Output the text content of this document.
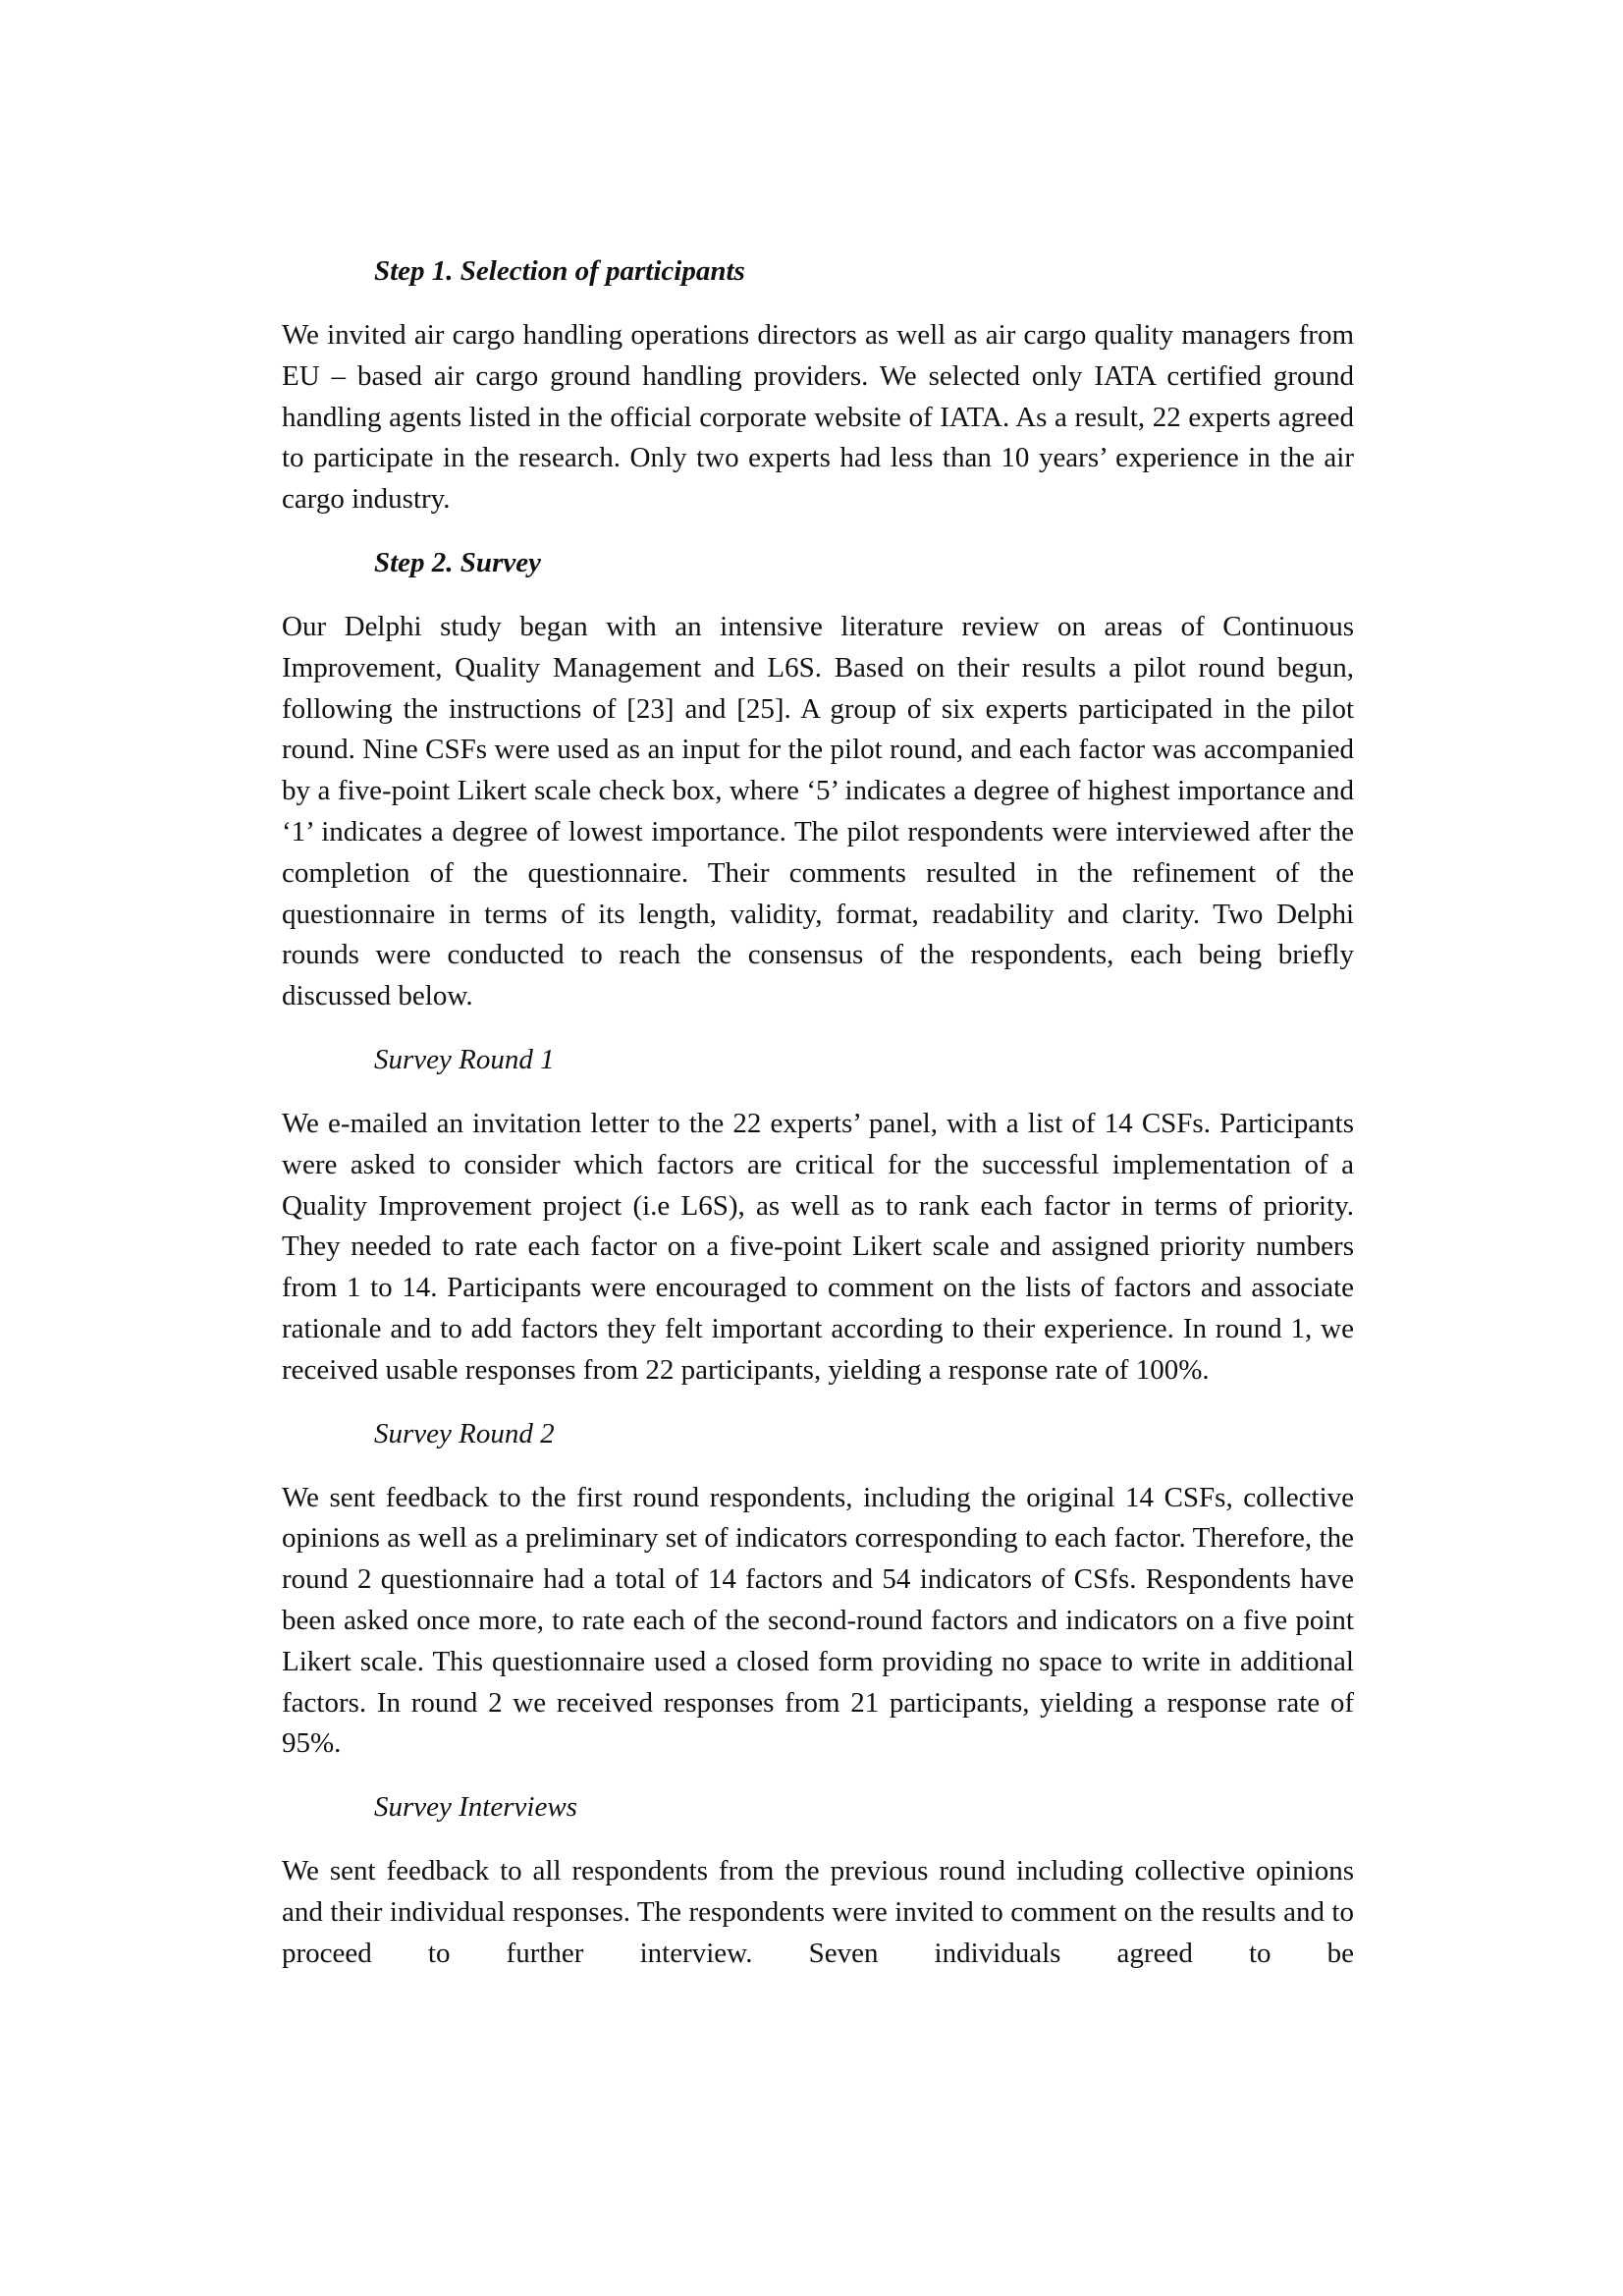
Step 1. Selection of participants

We invited air cargo handling operations directors as well as air cargo quality managers from EU – based air cargo ground handling providers. We selected only IATA certified ground handling agents listed in the official corporate website of IATA. As a result, 22 experts agreed to participate in the research. Only two experts had less than 10 years’ experience in the air cargo industry.

Step 2. Survey

Our Delphi study began with an intensive literature review on areas of Continuous Improvement, Quality Management and L6S. Based on their results a pilot round begun, following the instructions of [23] and [25]. A group of six experts participated in the pilot round. Nine CSFs were used as an input for the pilot round, and each factor was accompanied by a five-point Likert scale check box, where ‘5’ indicates a degree of highest importance and ‘1’ indicates a degree of lowest importance. The pilot respondents were interviewed after the completion of the questionnaire. Their comments resulted in the refinement of the questionnaire in terms of its length, validity, format, readability and clarity. Two Delphi rounds were conducted to reach the consensus of the respondents, each being briefly discussed below.

Survey Round 1

We e-mailed an invitation letter to the 22 experts’ panel, with a list of 14 CSFs. Participants were asked to consider which factors are critical for the successful implementation of a Quality Improvement project (i.e L6S), as well as to rank each factor in terms of priority. They needed to rate each factor on a five-point Likert scale and assigned priority numbers from 1 to 14. Participants were encouraged to comment on the lists of factors and associate rationale and to add factors they felt important according to their experience. In round 1, we received usable responses from 22 participants, yielding a response rate of 100%.

Survey Round 2

We sent feedback to the first round respondents, including the original 14 CSFs, collective opinions as well as a preliminary set of indicators corresponding to each factor. Therefore, the round 2 questionnaire had a total of 14 factors and 54 indicators of CSfs. Respondents have been asked once more, to rate each of the second-round factors and indicators on a five point Likert scale. This questionnaire used a closed form providing no space to write in additional factors. In round 2 we received responses from 21 participants, yielding a response rate of 95%.

Survey Interviews

We sent feedback to all respondents from the previous round including collective opinions and their individual responses. The respondents were invited to comment on the results and to proceed to further interview. Seven individuals agreed to be
